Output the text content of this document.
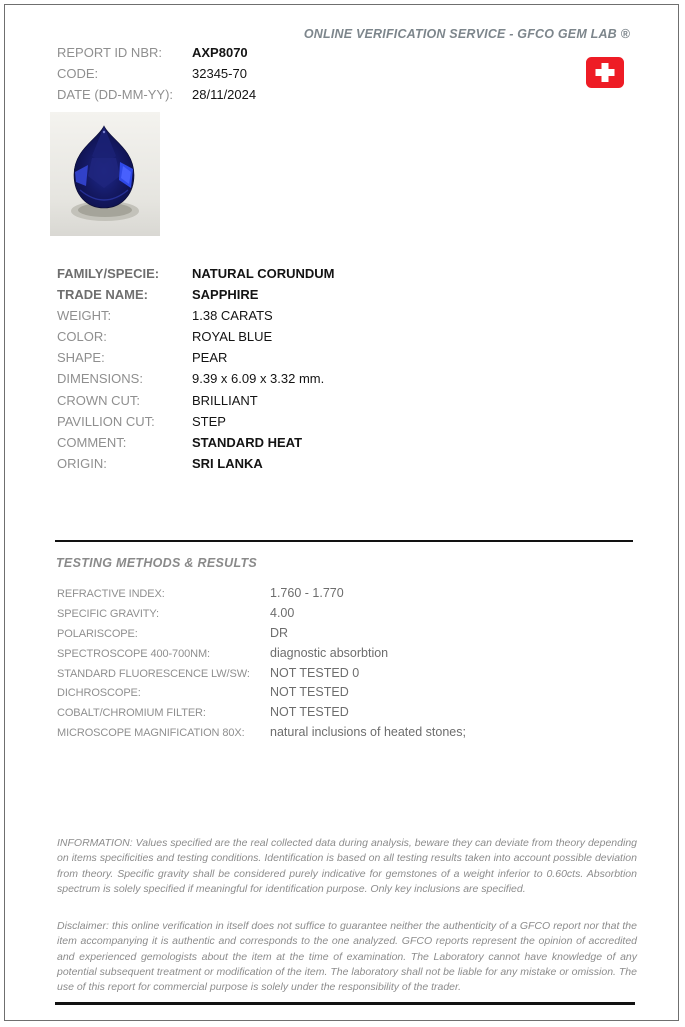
ONLINE VERIFICATION SERVICE - GFCO GEM LAB ®
REPORT ID NBR:	AXP8070
CODE:	32345-70
DATE (DD-MM-YY):	28/11/2024
FAMILY/SPECIE:	NATURAL CORUNDUM
TRADE NAME:	SAPPHIRE
WEIGHT:	1.38 CARATS
COLOR:	ROYAL BLUE
SHAPE:	PEAR
DIMENSIONS:	9.39 x 6.09 x 3.32 mm.
CROWN CUT:	BRILLIANT
PAVILLION CUT:	STEP
COMMENT:	STANDARD HEAT
ORIGIN:	SRI LANKA
TESTING METHODS & RESULTS
REFRACTIVE INDEX:	1.760 - 1.770
SPECIFIC GRAVITY:	4.00
POLARISCOPE:	DR
SPECTROSCOPE 400-700NM:	diagnostic absorbtion
STANDARD FLUORESCENCE LW/SW:	NOT TESTED 0
DICHROSCOPE:	NOT TESTED
COBALT/CHROMIUM FILTER:	NOT TESTED
MICROSCOPE MAGNIFICATION 80X:	natural inclusions of heated stones;
INFORMATION: Values specified are the real collected data during analysis, beware they can deviate from theory depending on items specificities and testing conditions. Identification is based on all testing results taken into account possible deviation from theory. Specific gravity shall be considered purely indicative for gemstones of a weight inferior to 0.60cts. Absorbtion spectrum is solely specified if meaningful for identification purpose. Only key inclusions are specified.
Disclaimer: this online verification in itself does not suffice to guarantee neither the authenticity of a GFCO report nor that the item accompanying it is authentic and corresponds to the one analyzed. GFCO reports represent the opinion of accredited and experienced gemologists about the item at the time of examination. The Laboratory cannot have knowledge of any potential subsequent treatment or modification of the item. The laboratory shall not be liable for any mistake or omission. The use of this report for commercial purpose is solely under the responsibility of the trader.
